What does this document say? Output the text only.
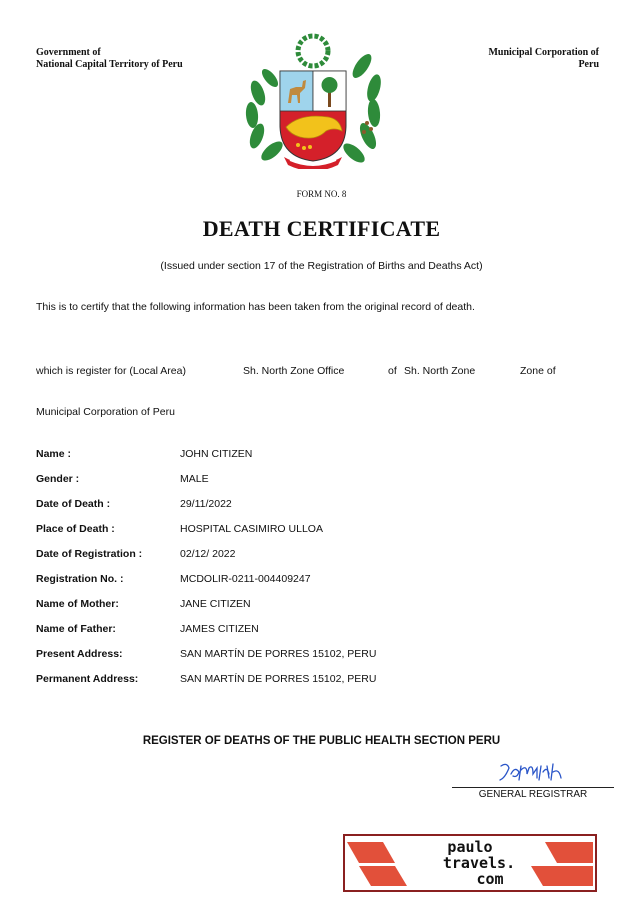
Government of
National Capital Territory of Peru
Municipal Corporation of
Peru
FORM NO. 8
DEATH CERTIFICATE
(Issued under section 17 of the Registration of Births and Deaths Act)
This is to certify that the following information has been taken from the original record of death.
which is register for (Local Area)	Sh. North Zone Office	of Sh. North Zone	Zone of
Municipal Corporation of Peru
Name :	JOHN CITIZEN
Gender :	MALE
Date of Death :	29/11/2022
Place of Death :	HOSPITAL CASIMIRO ULLOA
Date of Registration :	02/12/ 2022
Registration No. :	MCDOLIR-0211-004409247
Name of Mother:	JANE CITIZEN
Name of Father:	JAMES CITIZEN
Present Address:	SAN MARTÍN DE PORRES 15102, PERU
Permanent Address:	SAN MARTÍN DE PORRES 15102, PERU
REGISTER OF DEATHS OF THE PUBLIC HEALTH SECTION PERU
GENERAL REGISTRAR
paulo
travels.
com
